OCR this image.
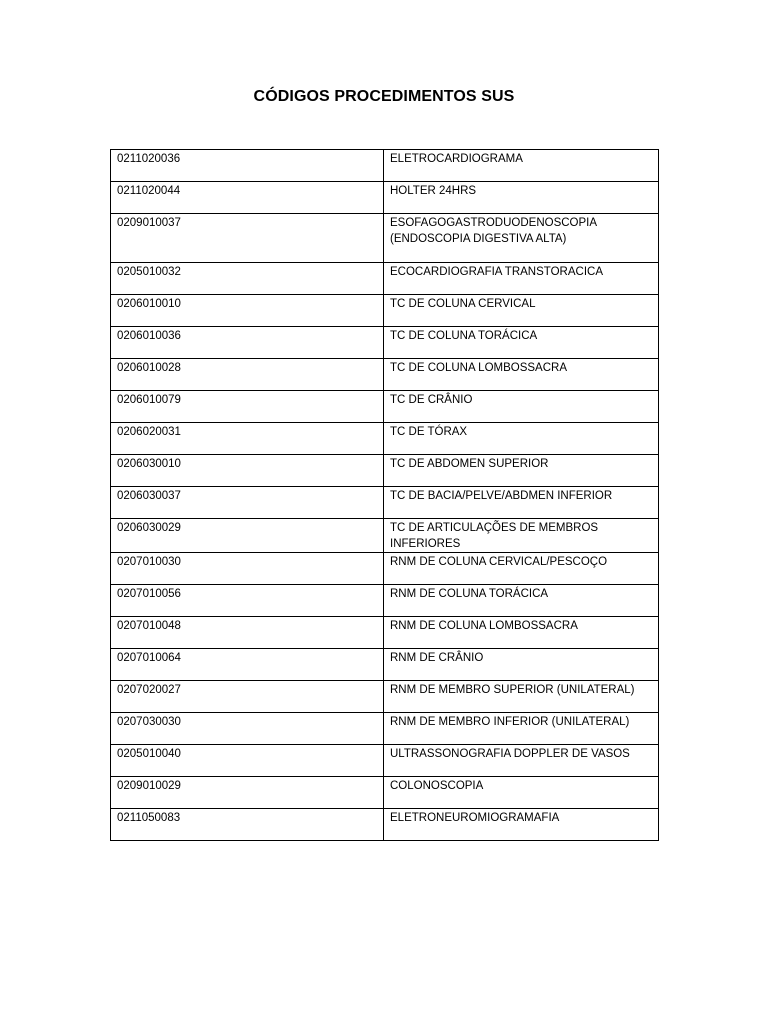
CÓDIGOS PROCEDIMENTOS SUS
0211020036	ELETROCARDIOGRAMA
0211020044	HOLTER 24HRS
0209010037	ESOFAGOGASTRODUODENOSCOPIA (ENDOSCOPIA DIGESTIVA ALTA)
0205010032	ECOCARDIOGRAFIA TRANSTORACICA
0206010010	TC DE COLUNA CERVICAL
0206010036	TC DE COLUNA TORÁCICA
0206010028	TC DE COLUNA LOMBOSSACRA
0206010079	TC DE CRÂNIO
0206020031	TC DE TÓRAX
0206030010	TC DE ABDOMEN SUPERIOR
0206030037	TC DE BACIA/PELVE/ABDMEN INFERIOR
0206030029	TC DE ARTICULAÇÕES DE MEMBROS INFERIORES
0207010030	RNM DE COLUNA CERVICAL/PESCOÇO
0207010056	RNM DE COLUNA TORÁCICA
0207010048	RNM DE COLUNA LOMBOSSACRA
0207010064	RNM DE CRÂNIO
0207020027	RNM DE MEMBRO SUPERIOR (UNILATERAL)
0207030030	RNM DE MEMBRO INFERIOR (UNILATERAL)
0205010040	ULTRASSONOGRAFIA DOPPLER DE VASOS
0209010029	COLONOSCOPIA
0211050083	ELETRONEUROMIOGRAMAFIA
